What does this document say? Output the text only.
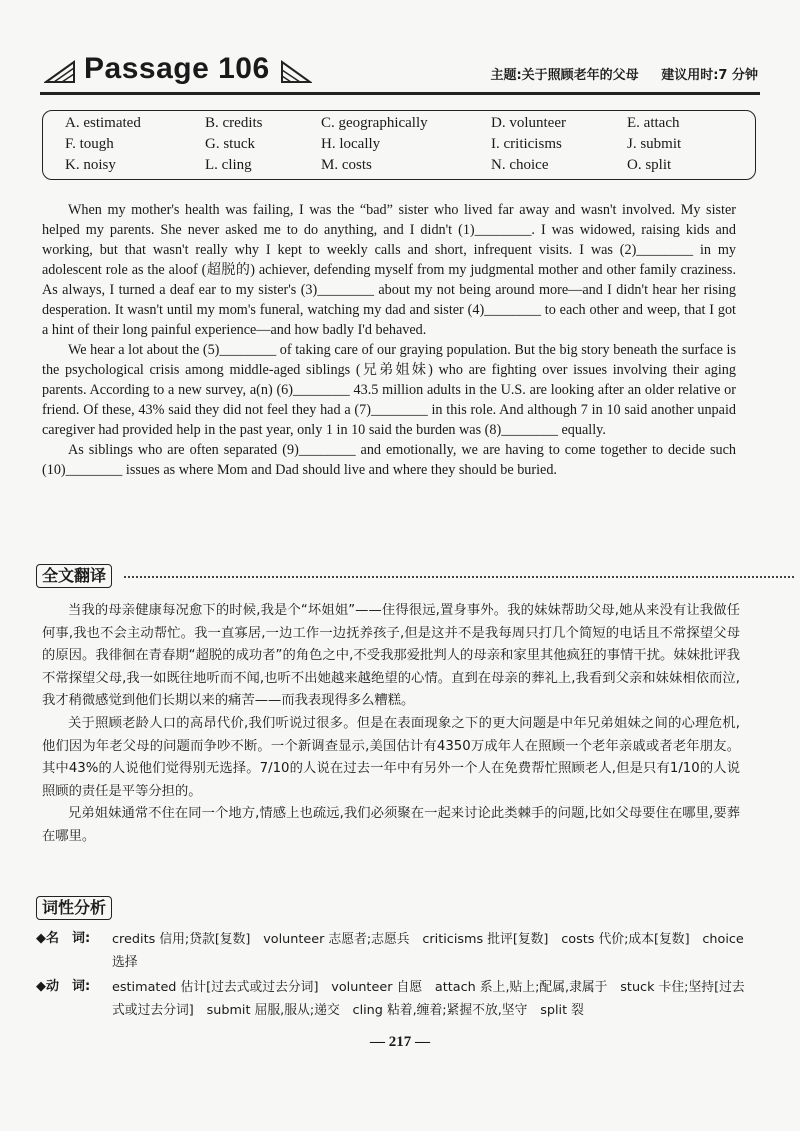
Passage 106	主题:关于照顾老年的父母 建议用时:7 分钟
A. estimated	B. credits	C. geographically	D. volunteer	E. attach
F. tough	G. stuck	H. locally	I. criticisms	J. submit
K. noisy	L. cling	M. costs	N. choice	O. split

When my mother's health was failing, I was the “bad” sister who lived far away and wasn't involved. My sister helped my parents. She never asked me to do anything, and I didn't (1)________. I was widowed, raising kids and working, but that wasn't really why I kept to weekly calls and short, infrequent visits. I was (2)________ in my adolescent role as the aloof (超脱的) achiever, defending myself from my judgmental mother and other family craziness. As always, I turned a deaf ear to my sister's (3)________ about my not being around more—and I didn't hear her rising desperation. It wasn't until my mom's funeral, watching my dad and sister (4)________ to each other and weep, that I got a hint of their long painful experience—and how badly I'd behaved.

We hear a lot about the (5)________ of taking care of our graying population. But the big story beneath the surface is the psychological crisis among middle-aged siblings (兄弟姐妹) who are fighting over issues involving their aging parents. According to a new survey, a(n) (6)________ 43.5 million adults in the U.S. are looking after an older relative or friend. Of these, 43% said they did not feel they had a (7)________ in this role. And although 7 in 10 said another unpaid caregiver had provided help in the past year, only 1 in 10 said the burden was (8)________ equally.

As siblings who are often separated (9)________ and emotionally, we are having to come together to decide such (10)________ issues as where Mom and Dad should live and where they should be buried.

全文翻译

当我的母亲健康每况愈下的时候,我是个“坏姐姐”——住得很远,置身事外。我的妹妹帮助父母,她从来没有让我做任何事,我也不会主动帮忙。我一直寡居,一边工作一边抚养孩子,但是这并不是我每周只打几个简短的电话且不常探望父母的原因。我徘徊在青春期“超脱的成功者”的角色之中,不受我那爱批判人的母亲和家里其他疯狂的事情干扰。妹妹批评我不常探望父母,我一如既往地听而不闻,也听不出她越来越绝望的心情。直到在母亲的葬礼上,我看到父亲和妹妹相依而泣,我才稍微感觉到他们长期以来的痛苦——而我表现得多么糟糕。

关于照顾老龄人口的高昂代价,我们听说过很多。但是在表面现象之下的更大问题是中年兄弟姐妹之间的心理危机,他们因为年老父母的问题而争吵不断。一个新调查显示,美国估计有4350万成年人在照顾一个老年亲戚或者老年朋友。其中43%的人说他们觉得别无选择。7/10的人说在过去一年中有另外一个人在免费帮忙照顾老人,但是只有1/10的人说照顾的责任是平等分担的。

兄弟姐妹通常不住在同一个地方,情感上也疏远,我们必须聚在一起来讨论此类棘手的问题,比如父母要住在哪里,要葬在哪里。

词性分析
◆名　词: credits 信用;贷款[复数]　volunteer 志愿者;志愿兵　criticisms 批评[复数]　costs 代价;成本[复数]　choice 选择
◆动　词: estimated 估计[过去式或过去分词]　volunteer 自愿　attach 系上,贴上;配属,隶属于　stuck 卡住;坚持[过去式或过去分词]　submit 屈服,服从;递交　cling 粘着,缠着;紧握不放,坚守　split 裂
— 217 —
